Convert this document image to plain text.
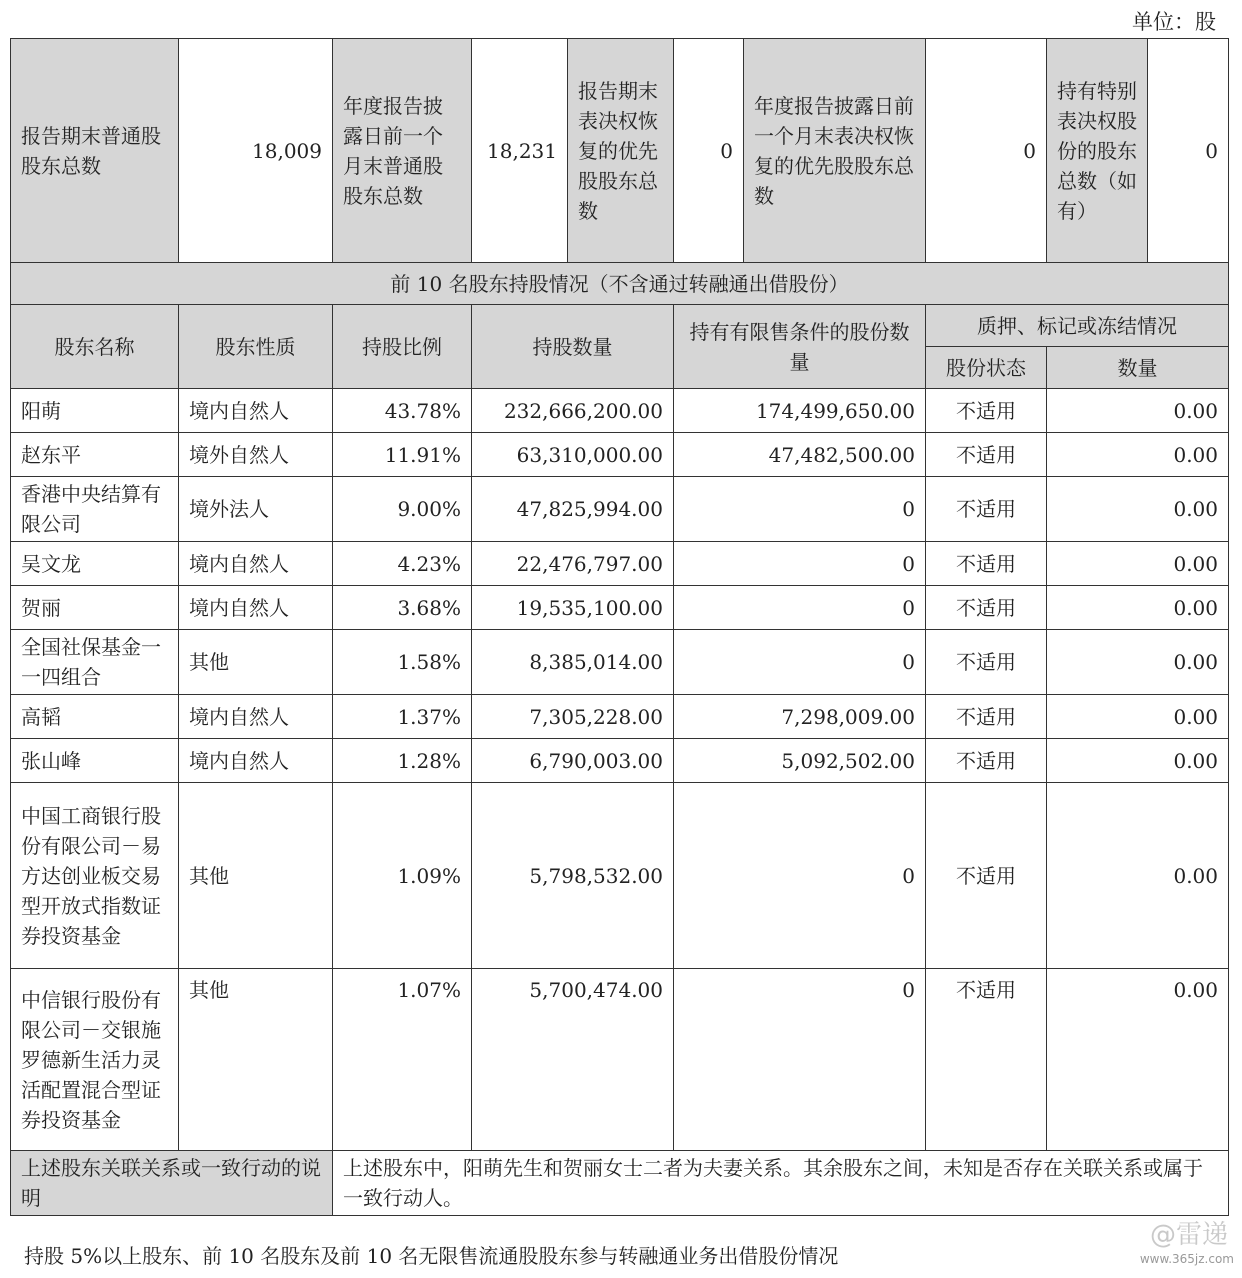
单位：股
报告期末普通股股东总数	18,009	年度报告披露日前一个月末普通股股东总数	18,231	报告期末表决权恢复的优先股股东总数	0	年度报告披露日前一个月末表决权恢复的优先股股东总数	0	持有特别表决权股份的股东总数（如有）	0
前 10 名股东持股情况（不含通过转融通出借股份）									
股东名称	股东性质	持股比例	持股数量		持有有限售条件的股份数量		质押、标记或冻结情况		
							股份状态	数量	
阳萌	境内自然人	43.78%	232,666,200.00		174,499,650.00		不适用	0.00	
赵东平	境外自然人	11.91%	63,310,000.00		47,482,500.00		不适用	0.00	
香港中央结算有限公司	境外法人	9.00%	47,825,994.00		0		不适用	0.00	
吴文龙	境内自然人	4.23%	22,476,797.00		0		不适用	0.00	
贺丽	境内自然人	3.68%	19,535,100.00		0		不适用	0.00	
全国社保基金一一四组合	其他	1.58%	8,385,014.00		0		不适用	0.00	
高韬	境内自然人	1.37%	7,305,228.00		7,298,009.00		不适用	0.00	
张山峰	境内自然人	1.28%	6,790,003.00		5,092,502.00		不适用	0.00	
中国工商银行股份有限公司－易方达创业板交易型开放式指数证券投资基金	其他	1.09%	5,798,532.00		0		不适用	0.00	
中信银行股份有限公司－交银施罗德新生活力灵活配置混合型证券投资基金	其他	1.07%	5,700,474.00		0		不适用	0.00	
上述股东关联关系或一致行动的说明		上述股东中，阳萌先生和贺丽女士二者为夫妻关系。其余股东之间，未知是否存在关联关系或属于一致行动人。							
持股 5%以上股东、前 10 名股东及前 10 名无限售流通股股东参与转融通业务出借股份情况
@雷递
www.365jz.com
